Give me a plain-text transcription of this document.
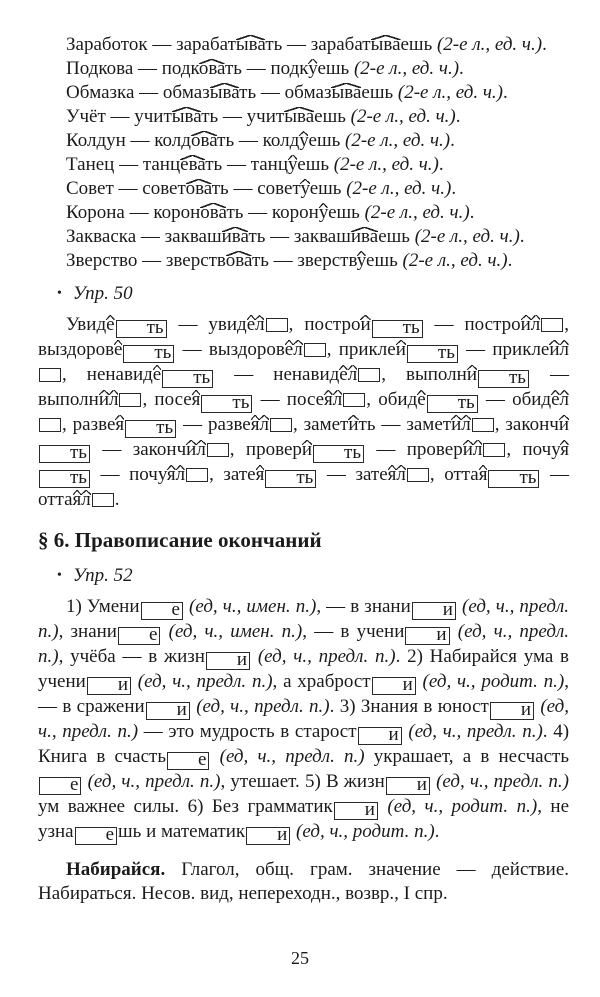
Заработок — зарабатывать — зарабатываешь (2-е л., ед. ч.).

Подкова — подковать — подкуешь (2-е л., ед. ч.).

Обмазка — обмазывать — обмазываешь (2-е л., ед. ч.).

Учёт — учитывать — учитываешь (2-е л., ед. ч.).

Колдун — колдовать — колдуешь (2-е л., ед. ч.).

Танец — танцевать — танцуешь (2-е л., ед. ч.).

Совет — советовать — советуешь (2-е л., ед. ч.).

Корона — короновать — коронуешь (2-е л., ед. ч.).

Закваска — заквашивать — заквашиваешь (2-е л., ед. ч.).

Зверство — зверствовать — зверствуешь (2-е л., ед. ч.).

• Упр. 50

Увиде ть ⁠ — увидел ⁠, построи ть ⁠ — построил ⁠, выздорове ть ⁠ — выздоровел ⁠, приклеи ть ⁠ — приклеил⁠, ненавиде ть ⁠ — ненавидел ⁠, выполни ть ⁠ — выполнил ⁠, посея ть ⁠ — посеял ⁠, обиде ть ⁠ — обидел⁠, развея ть ⁠ — развеял ⁠, заметить — заметил ⁠, закончить ⁠ — закончил ⁠, провери ть ⁠ — проверил ⁠, почуять ⁠ — почуял ⁠, затея ть ⁠ — затеял ⁠, оттая ть ⁠ — оттаял ⁠.

§ 6. Правописание окончаний
• Упр. 52

1) Умени⁠ е ⁠ (ед, ч., имен. п.), — в знани⁠ и ⁠ (ед, ч., предл. п.), знани⁠ е ⁠ (ед, ч., имен. п.), — в учени⁠ и ⁠ (ед, ч., предл. п.), учёба — в жизн⁠ и ⁠ (ед, ч., предл. п.). 2) Набирайся ума в учени⁠ и ⁠ (ед, ч., предл. п.), а храброст⁠ и ⁠ (ед, ч., родит. п.), — в сражени⁠ и ⁠ (ед, ч., предл. п.). 3) Знания в юност⁠ и ⁠ (ед, ч., предл. п.) — это мудрость в старост⁠ и ⁠ (ед, ч., предл. п.). 4) Книга в счасть⁠ е ⁠ (ед, ч., предл. п.) украшает, а в несчасть⁠е ⁠ (ед, ч., предл. п.), утешает. 5) В жизн⁠ и ⁠ (ед, ч., предл. п.) ум важнее силы. 6) Без грамматик⁠ и ⁠ (ед, ч., родит. п.), не узна⁠ е ⁠шь и математик⁠ и ⁠ (ед, ч., родит. п.).

Набирайся. Глагол, общ. грам. значение — действие. Набираться. Несов. вид, непереходн., возвр., I спр.

25
